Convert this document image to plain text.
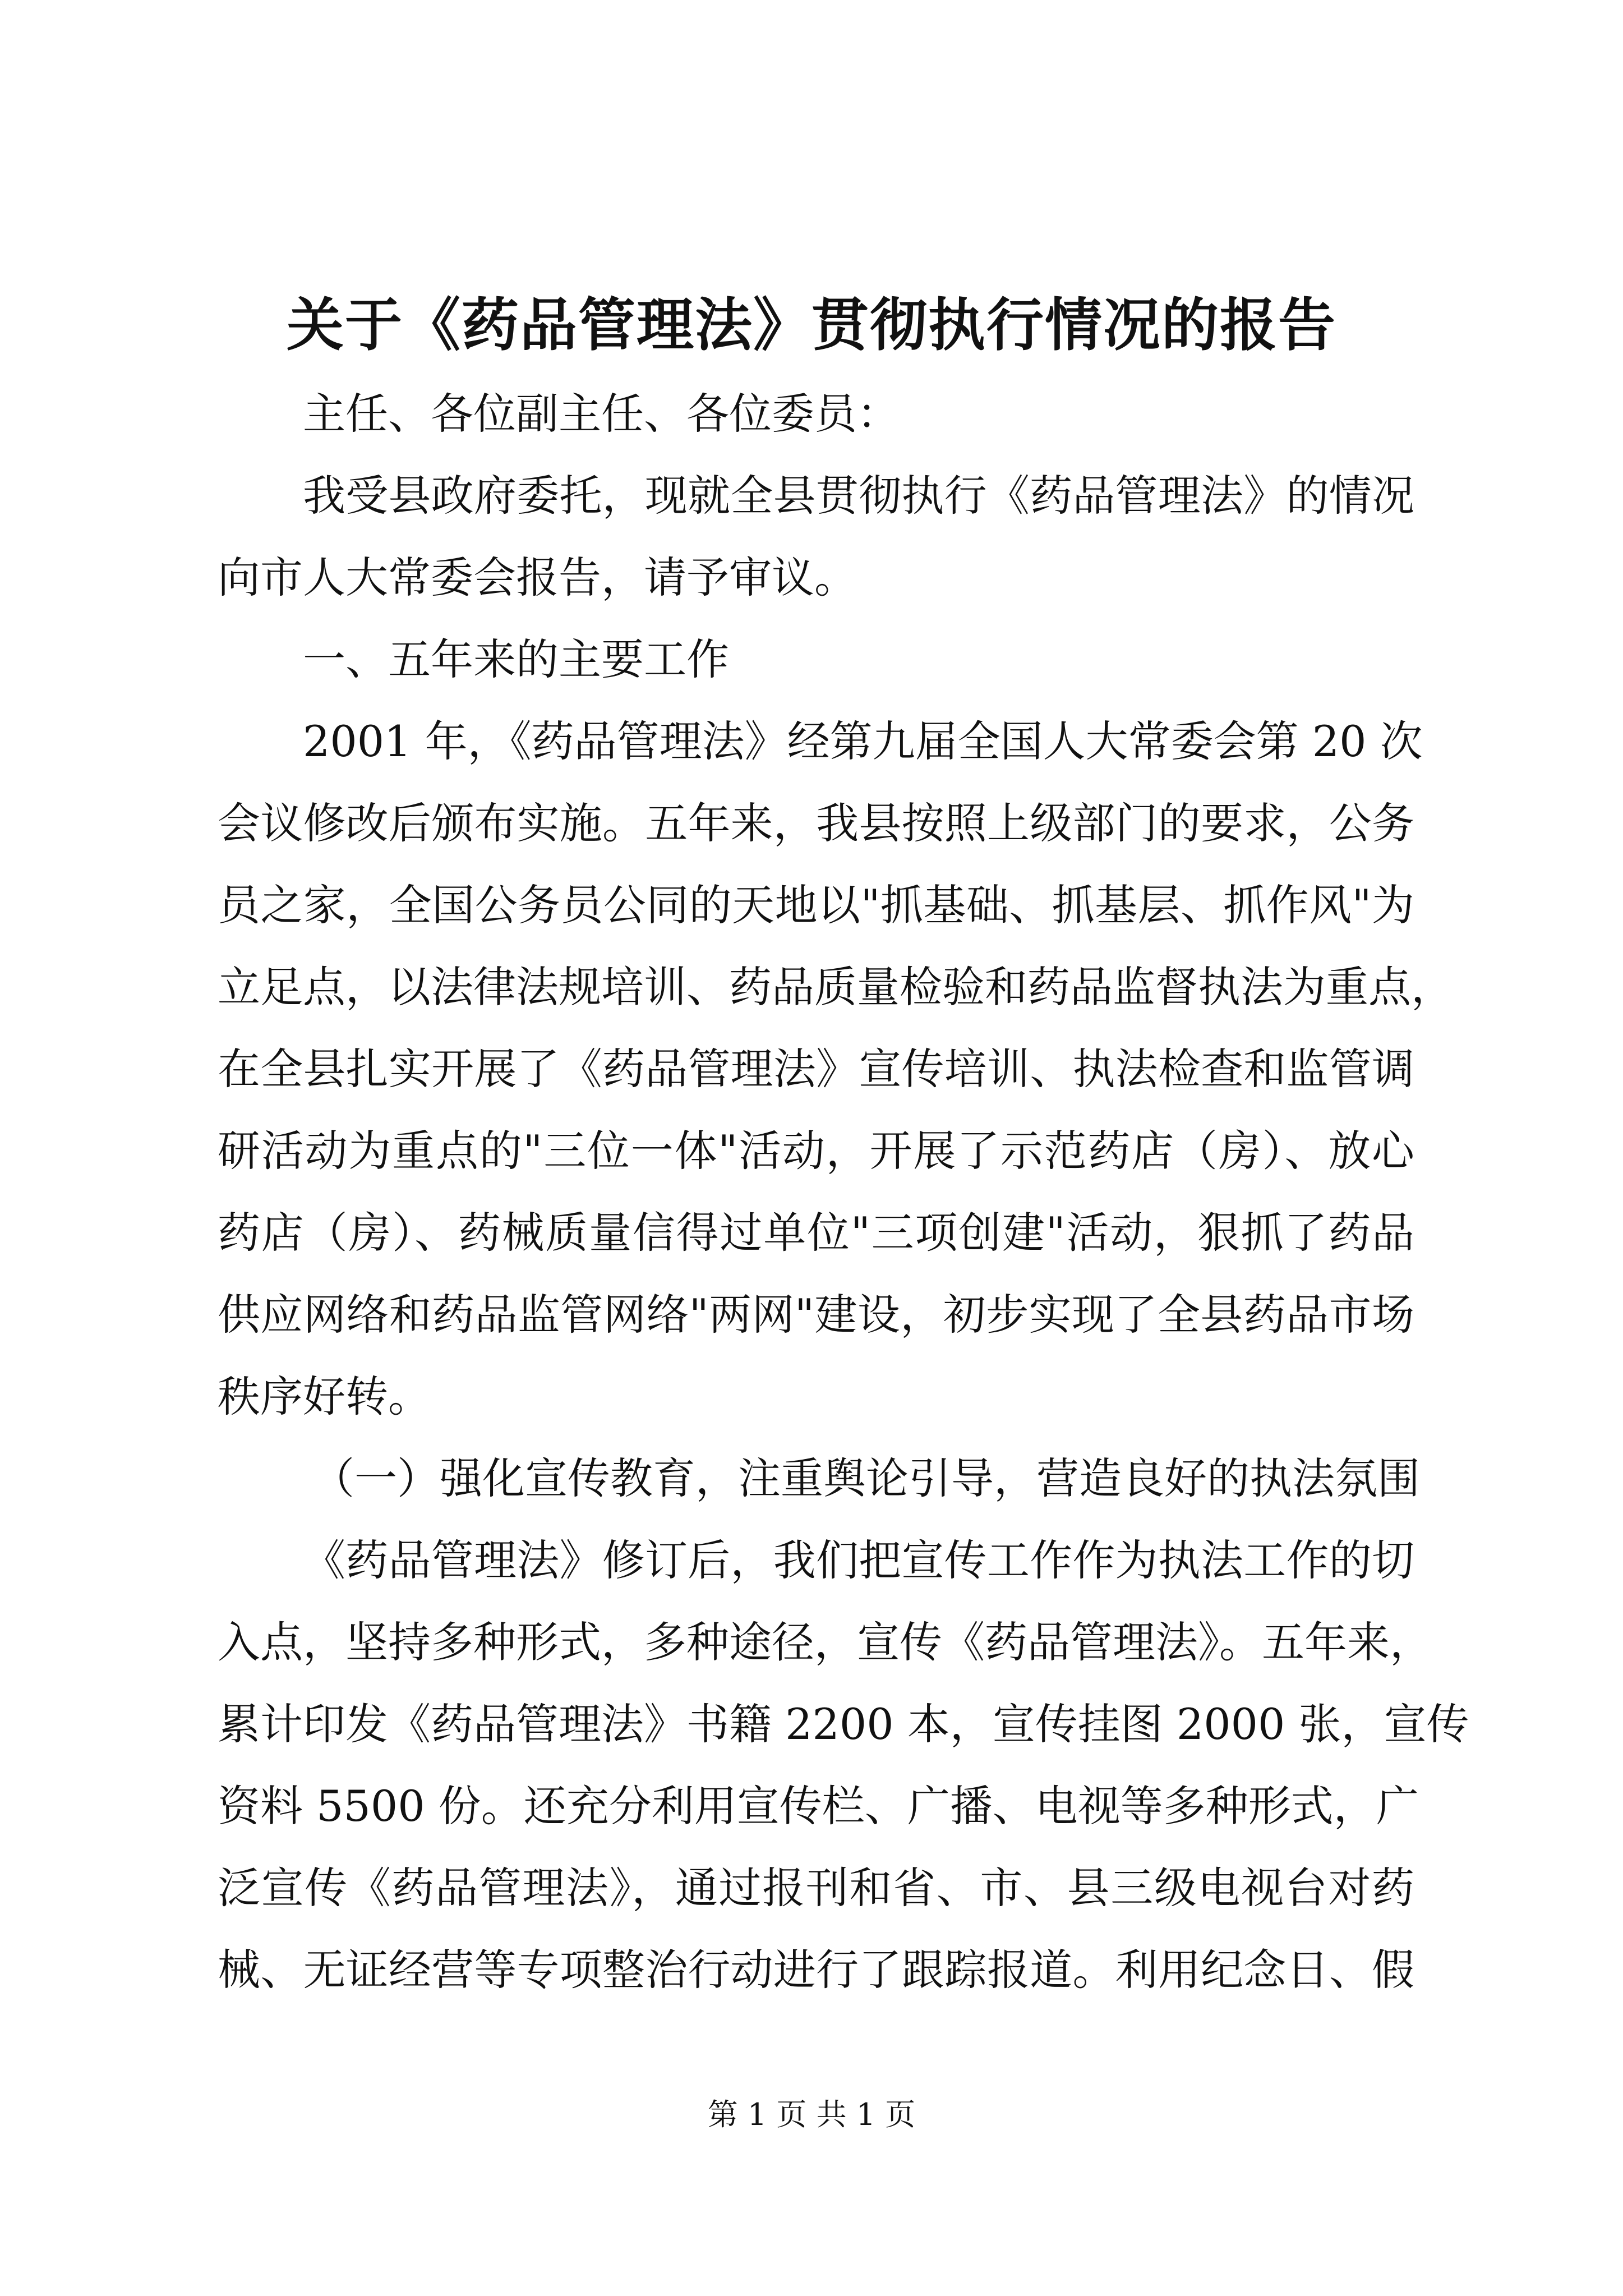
关于《药品管理法》贯彻执行情况的报告

主任、各位副主任、各位委员：

我受县政府委托，现就全县贯彻执行《药品管理法》的情况
向市人大常委会报告，请予审议。

一、五年来的主要工作

2001 年，《药品管理法》经第九届全国人大常委会第 20 次
会议修改后颁布实施。五年来，我县按照上级部门的要求，公务
员之家，全国公务员公同的天地以"抓基础、抓基层、抓作风"为
立足点，以法律法规培训、药品质量检验和药品监督执法为重点，
在全县扎实开展了《药品管理法》宣传培训、执法检查和监管调
研活动为重点的"三位一体"活动，开展了示范药店（房）、放心
药店（房）、药械质量信得过单位"三项创建"活动，狠抓了药品
供应网络和药品监管网络"两网"建设，初步实现了全县药品市场
秩序好转。

（一）强化宣传教育，注重舆论引导，营造良好的执法氛围

《药品管理法》修订后，我们把宣传工作作为执法工作的切
入点，坚持多种形式，多种途径，宣传《药品管理法》。五年来，
累计印发《药品管理法》书籍 2200 本，宣传挂图 2000 张，宣传
资料 5500 份。还充分利用宣传栏、广播、电视等多种形式，广
泛宣传《药品管理法》，通过报刊和省、市、县三级电视台对药
械、无证经营等专项整治行动进行了跟踪报道。利用纪念日、假

第 1 页 共 1 页
